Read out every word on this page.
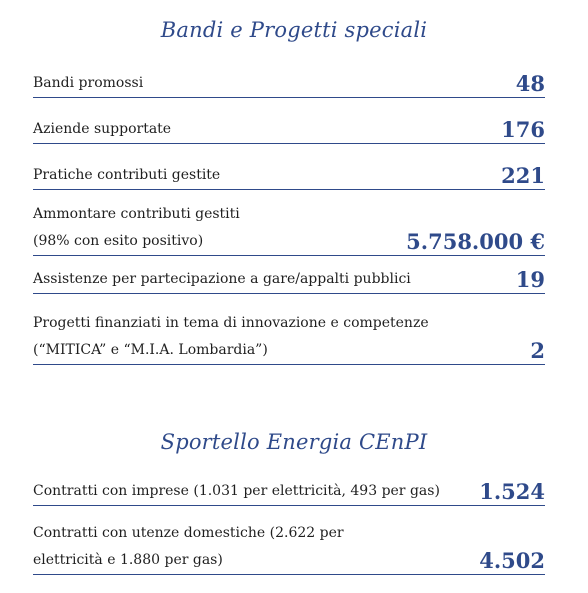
Bandi e Progetti speciali
Bandi promossi	48
Aziende supportate	176
Pratiche contributi gestite	221
Ammontare contributi gestiti
(98% con esito positivo)	5.758.000 €
Assistenze per partecipazione a gare/appalti pubblici	19
Progetti finanziati in tema di innovazione e competenze
(“MITICA” e “M.I.A. Lombardia”)	2
Sportello Energia CEnPI
Contratti con imprese (1.031 per elettricità, 493 per gas)	1.524
Contratti con utenze domestiche (2.622 per
elettricità e 1.880 per gas)	4.502
